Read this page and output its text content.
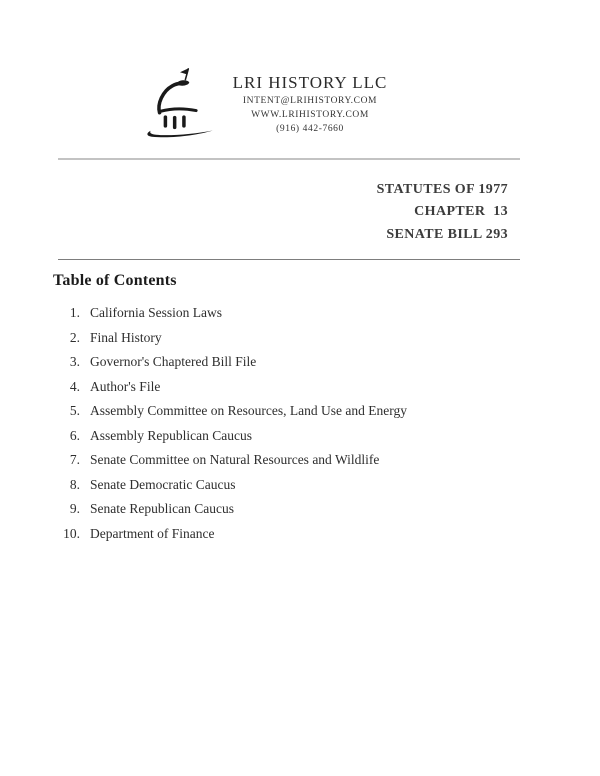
LRI HISTORY LLC
INTENT@LRIHISTORY.COM
WWW.LRIHISTORY.COM
(916) 442-7660
STATUTES OF 1977
CHAPTER  13
SENATE BILL 293
Table of Contents
1. California Session Laws
2. Final History
3. Governor's Chaptered Bill File
4. Author's File
5. Assembly Committee on Resources, Land Use and Energy
6. Assembly Republican Caucus
7. Senate Committee on Natural Resources and Wildlife
8. Senate Democratic Caucus
9. Senate Republican Caucus
10. Department of Finance
